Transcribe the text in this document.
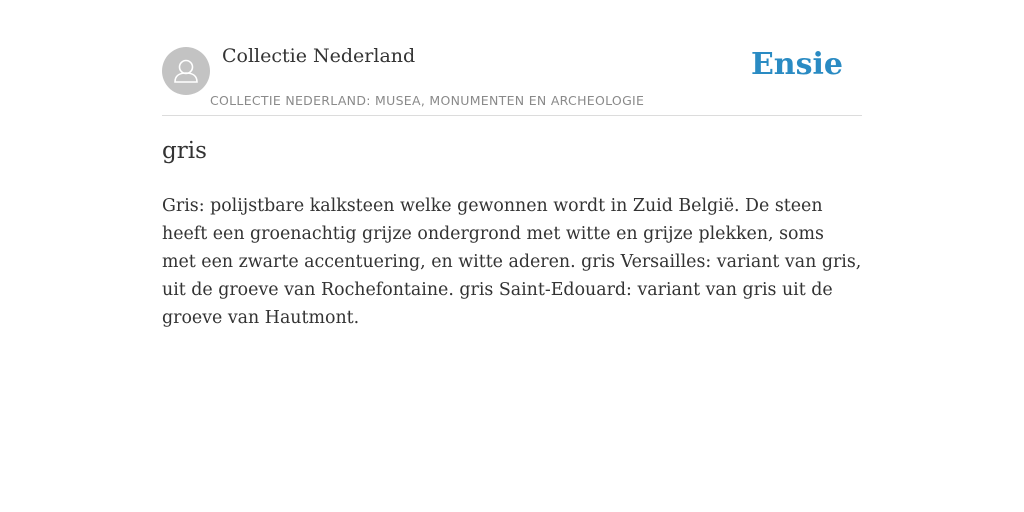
Collectie Nederland
COLLECTIE NEDERLAND: MUSEA, MONUMENTEN EN ARCHEOLOGIE
Ensie
gris

Gris: polijstbare kalksteen welke gewonnen wordt in Zuid België. De steen heeft een groenachtig grijze ondergrond met witte en grijze plekken, soms met een zwarte accentuering, en witte aderen. gris Versailles: variant van gris, uit de groeve van Rochefontaine. gris Saint-Edouard: variant van gris uit de groeve van Hautmont.
